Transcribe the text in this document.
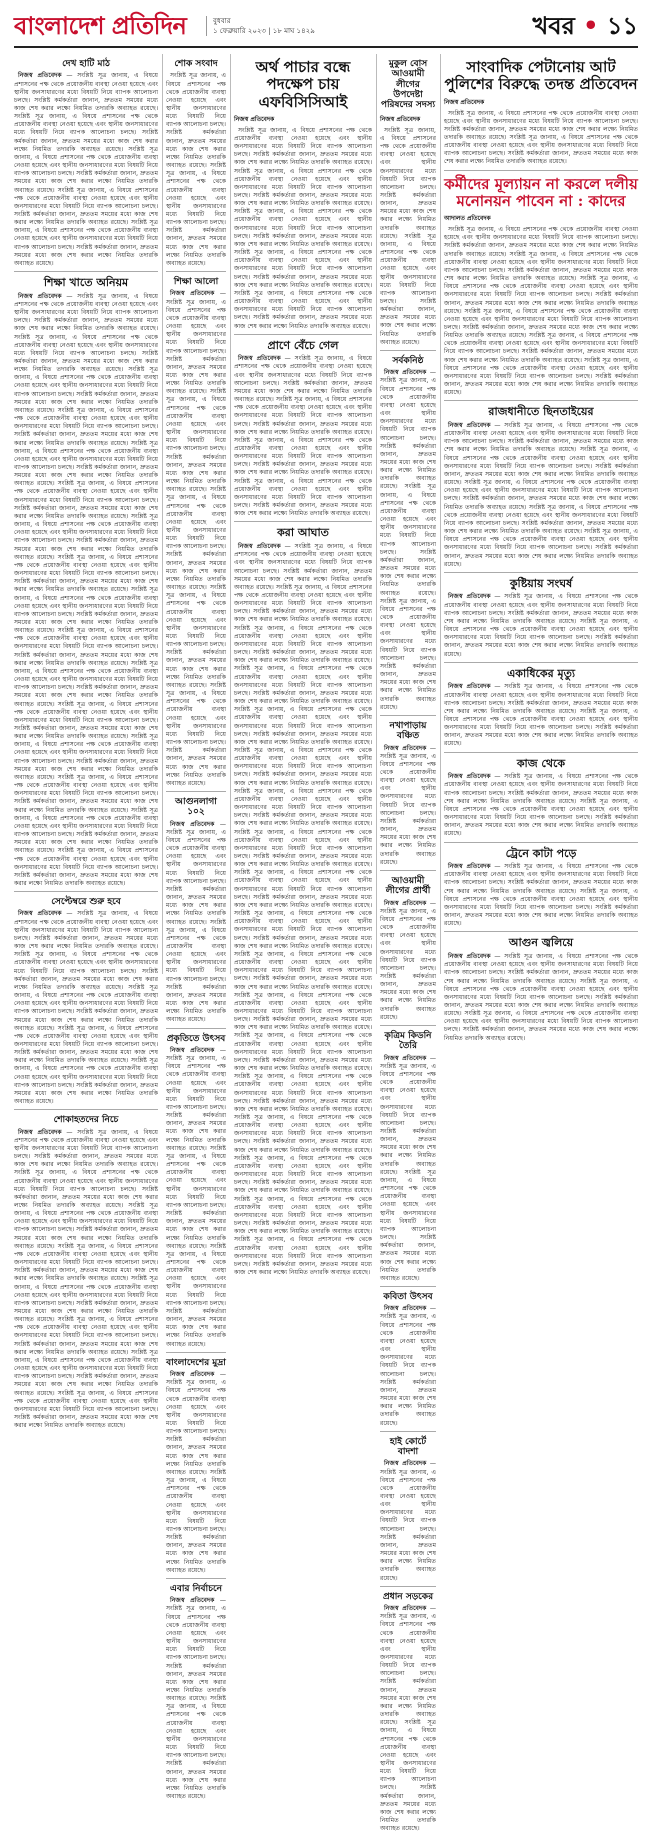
বাংলাদেশ প্রতিদিন	বুধবার
১ ফেব্রুয়ারি ২০২৩ | ১৮ মাঘ ১৪২৯	খবর • ১১
দেখ হাটি মাঠ

নিজস্ব প্রতিবেদক — সংশ্লিষ্ট সূত্র জানায়, এ বিষয়ে প্রশাসনের পক্ষ থেকে প্রয়োজনীয় ব্যবস্থা নেওয়া হয়েছে এবং স্থানীয় জনসাধারণের মধ্যে বিষয়টি নিয়ে ব্যাপক আলোচনা চলছে। সংশ্লিষ্ট কর্মকর্তারা জানান, দ্রুততম সময়ের মধ্যে কাজ শেষ করার লক্ষ্যে নিয়মিত তদারকি অব্যাহত রয়েছে। সংশ্লিষ্ট সূত্র জানায়, এ বিষয়ে প্রশাসনের পক্ষ থেকে প্রয়োজনীয় ব্যবস্থা নেওয়া হয়েছে এবং স্থানীয় জনসাধারণের মধ্যে বিষয়টি নিয়ে ব্যাপক আলোচনা চলছে। সংশ্লিষ্ট কর্মকর্তারা জানান, দ্রুততম সময়ের মধ্যে কাজ শেষ করার লক্ষ্যে নিয়মিত তদারকি অব্যাহত রয়েছে। সংশ্লিষ্ট সূত্র জানায়, এ বিষয়ে প্রশাসনের পক্ষ থেকে প্রয়োজনীয় ব্যবস্থা নেওয়া হয়েছে এবং স্থানীয় জনসাধারণের মধ্যে বিষয়টি নিয়ে ব্যাপক আলোচনা চলছে। সংশ্লিষ্ট কর্মকর্তারা জানান, দ্রুততম সময়ের মধ্যে কাজ শেষ করার লক্ষ্যে নিয়মিত তদারকি অব্যাহত রয়েছে। সংশ্লিষ্ট সূত্র জানায়, এ বিষয়ে প্রশাসনের পক্ষ থেকে প্রয়োজনীয় ব্যবস্থা নেওয়া হয়েছে এবং স্থানীয় জনসাধারণের মধ্যে বিষয়টি নিয়ে ব্যাপক আলোচনা চলছে। সংশ্লিষ্ট কর্মকর্তারা জানান, দ্রুততম সময়ের মধ্যে কাজ শেষ করার লক্ষ্যে নিয়মিত তদারকি অব্যাহত রয়েছে। সংশ্লিষ্ট সূত্র জানায়, এ বিষয়ে প্রশাসনের পক্ষ থেকে প্রয়োজনীয় ব্যবস্থা নেওয়া হয়েছে এবং স্থানীয় জনসাধারণের মধ্যে বিষয়টি নিয়ে ব্যাপক আলোচনা চলছে। সংশ্লিষ্ট কর্মকর্তারা জানান, দ্রুততম সময়ের মধ্যে কাজ শেষ করার লক্ষ্যে নিয়মিত তদারকি অব্যাহত রয়েছে।

শিক্ষা খাতে অনিয়ম

নিজস্ব প্রতিবেদক — সংশ্লিষ্ট সূত্র জানায়, এ বিষয়ে প্রশাসনের পক্ষ থেকে প্রয়োজনীয় ব্যবস্থা নেওয়া হয়েছে এবং স্থানীয় জনসাধারণের মধ্যে বিষয়টি নিয়ে ব্যাপক আলোচনা চলছে। সংশ্লিষ্ট কর্মকর্তারা জানান, দ্রুততম সময়ের মধ্যে কাজ শেষ করার লক্ষ্যে নিয়মিত তদারকি অব্যাহত রয়েছে। সংশ্লিষ্ট সূত্র জানায়, এ বিষয়ে প্রশাসনের পক্ষ থেকে প্রয়োজনীয় ব্যবস্থা নেওয়া হয়েছে এবং স্থানীয় জনসাধারণের মধ্যে বিষয়টি নিয়ে ব্যাপক আলোচনা চলছে। সংশ্লিষ্ট কর্মকর্তারা জানান, দ্রুততম সময়ের মধ্যে কাজ শেষ করার লক্ষ্যে নিয়মিত তদারকি অব্যাহত রয়েছে। সংশ্লিষ্ট সূত্র জানায়, এ বিষয়ে প্রশাসনের পক্ষ থেকে প্রয়োজনীয় ব্যবস্থা নেওয়া হয়েছে এবং স্থানীয় জনসাধারণের মধ্যে বিষয়টি নিয়ে ব্যাপক আলোচনা চলছে। সংশ্লিষ্ট কর্মকর্তারা জানান, দ্রুততম সময়ের মধ্যে কাজ শেষ করার লক্ষ্যে নিয়মিত তদারকি অব্যাহত রয়েছে। সংশ্লিষ্ট সূত্র জানায়, এ বিষয়ে প্রশাসনের পক্ষ থেকে প্রয়োজনীয় ব্যবস্থা নেওয়া হয়েছে এবং স্থানীয় জনসাধারণের মধ্যে বিষয়টি নিয়ে ব্যাপক আলোচনা চলছে। সংশ্লিষ্ট কর্মকর্তারা জানান, দ্রুততম সময়ের মধ্যে কাজ শেষ করার লক্ষ্যে নিয়মিত তদারকি অব্যাহত রয়েছে। সংশ্লিষ্ট সূত্র জানায়, এ বিষয়ে প্রশাসনের পক্ষ থেকে প্রয়োজনীয় ব্যবস্থা নেওয়া হয়েছে এবং স্থানীয় জনসাধারণের মধ্যে বিষয়টি নিয়ে ব্যাপক আলোচনা চলছে। সংশ্লিষ্ট কর্মকর্তারা জানান, দ্রুততম সময়ের মধ্যে কাজ শেষ করার লক্ষ্যে নিয়মিত তদারকি অব্যাহত রয়েছে। সংশ্লিষ্ট সূত্র জানায়, এ বিষয়ে প্রশাসনের পক্ষ থেকে প্রয়োজনীয় ব্যবস্থা নেওয়া হয়েছে এবং স্থানীয় জনসাধারণের মধ্যে বিষয়টি নিয়ে ব্যাপক আলোচনা চলছে। সংশ্লিষ্ট কর্মকর্তারা জানান, দ্রুততম সময়ের মধ্যে কাজ শেষ করার লক্ষ্যে নিয়মিত তদারকি অব্যাহত রয়েছে। সংশ্লিষ্ট সূত্র জানায়, এ বিষয়ে প্রশাসনের পক্ষ থেকে প্রয়োজনীয় ব্যবস্থা নেওয়া হয়েছে এবং স্থানীয় জনসাধারণের মধ্যে বিষয়টি নিয়ে ব্যাপক আলোচনা চলছে। সংশ্লিষ্ট কর্মকর্তারা জানান, দ্রুততম সময়ের মধ্যে কাজ শেষ করার লক্ষ্যে নিয়মিত তদারকি অব্যাহত রয়েছে। সংশ্লিষ্ট সূত্র জানায়, এ বিষয়ে প্রশাসনের পক্ষ থেকে প্রয়োজনীয় ব্যবস্থা নেওয়া হয়েছে এবং স্থানীয় জনসাধারণের মধ্যে বিষয়টি নিয়ে ব্যাপক আলোচনা চলছে। সংশ্লিষ্ট কর্মকর্তারা জানান, দ্রুততম সময়ের মধ্যে কাজ শেষ করার লক্ষ্যে নিয়মিত তদারকি অব্যাহত রয়েছে। সংশ্লিষ্ট সূত্র জানায়, এ বিষয়ে প্রশাসনের পক্ষ থেকে প্রয়োজনীয় ব্যবস্থা নেওয়া হয়েছে এবং স্থানীয় জনসাধারণের মধ্যে বিষয়টি নিয়ে ব্যাপক আলোচনা চলছে। সংশ্লিষ্ট কর্মকর্তারা জানান, দ্রুততম সময়ের মধ্যে কাজ শেষ করার লক্ষ্যে নিয়মিত তদারকি অব্যাহত রয়েছে। সংশ্লিষ্ট সূত্র জানায়, এ বিষয়ে প্রশাসনের পক্ষ থেকে প্রয়োজনীয় ব্যবস্থা নেওয়া হয়েছে এবং স্থানীয় জনসাধারণের মধ্যে বিষয়টি নিয়ে ব্যাপক আলোচনা চলছে। সংশ্লিষ্ট কর্মকর্তারা জানান, দ্রুততম সময়ের মধ্যে কাজ শেষ করার লক্ষ্যে নিয়মিত তদারকি অব্যাহত রয়েছে। সংশ্লিষ্ট সূত্র জানায়, এ বিষয়ে প্রশাসনের পক্ষ থেকে প্রয়োজনীয় ব্যবস্থা নেওয়া হয়েছে এবং স্থানীয় জনসাধারণের মধ্যে বিষয়টি নিয়ে ব্যাপক আলোচনা চলছে। সংশ্লিষ্ট কর্মকর্তারা জানান, দ্রুততম সময়ের মধ্যে কাজ শেষ করার লক্ষ্যে নিয়মিত তদারকি অব্যাহত রয়েছে। সংশ্লিষ্ট সূত্র জানায়, এ বিষয়ে প্রশাসনের পক্ষ থেকে প্রয়োজনীয় ব্যবস্থা নেওয়া হয়েছে এবং স্থানীয় জনসাধারণের মধ্যে বিষয়টি নিয়ে ব্যাপক আলোচনা চলছে। সংশ্লিষ্ট কর্মকর্তারা জানান, দ্রুততম সময়ের মধ্যে কাজ শেষ করার লক্ষ্যে নিয়মিত তদারকি অব্যাহত রয়েছে। সংশ্লিষ্ট সূত্র জানায়, এ বিষয়ে প্রশাসনের পক্ষ থেকে প্রয়োজনীয় ব্যবস্থা নেওয়া হয়েছে এবং স্থানীয় জনসাধারণের মধ্যে বিষয়টি নিয়ে ব্যাপক আলোচনা চলছে। সংশ্লিষ্ট কর্মকর্তারা জানান, দ্রুততম সময়ের মধ্যে কাজ শেষ করার লক্ষ্যে নিয়মিত তদারকি অব্যাহত রয়েছে। সংশ্লিষ্ট সূত্র জানায়, এ বিষয়ে প্রশাসনের পক্ষ থেকে প্রয়োজনীয় ব্যবস্থা নেওয়া হয়েছে এবং স্থানীয় জনসাধারণের মধ্যে বিষয়টি নিয়ে ব্যাপক আলোচনা চলছে। সংশ্লিষ্ট কর্মকর্তারা জানান, দ্রুততম সময়ের মধ্যে কাজ শেষ করার লক্ষ্যে নিয়মিত তদারকি অব্যাহত রয়েছে। সংশ্লিষ্ট সূত্র জানায়, এ বিষয়ে প্রশাসনের পক্ষ থেকে প্রয়োজনীয় ব্যবস্থা নেওয়া হয়েছে এবং স্থানীয় জনসাধারণের মধ্যে বিষয়টি নিয়ে ব্যাপক আলোচনা চলছে। সংশ্লিষ্ট কর্মকর্তারা জানান, দ্রুততম সময়ের মধ্যে কাজ শেষ করার লক্ষ্যে নিয়মিত তদারকি অব্যাহত রয়েছে। সংশ্লিষ্ট সূত্র জানায়, এ বিষয়ে প্রশাসনের পক্ষ থেকে প্রয়োজনীয় ব্যবস্থা নেওয়া হয়েছে এবং স্থানীয় জনসাধারণের মধ্যে বিষয়টি নিয়ে ব্যাপক আলোচনা চলছে। সংশ্লিষ্ট কর্মকর্তারা জানান, দ্রুততম সময়ের মধ্যে কাজ শেষ করার লক্ষ্যে নিয়মিত তদারকি অব্যাহত রয়েছে।

সেপ্টেম্বরে শুরু হবে

নিজস্ব প্রতিবেদক — সংশ্লিষ্ট সূত্র জানায়, এ বিষয়ে প্রশাসনের পক্ষ থেকে প্রয়োজনীয় ব্যবস্থা নেওয়া হয়েছে এবং স্থানীয় জনসাধারণের মধ্যে বিষয়টি নিয়ে ব্যাপক আলোচনা চলছে। সংশ্লিষ্ট কর্মকর্তারা জানান, দ্রুততম সময়ের মধ্যে কাজ শেষ করার লক্ষ্যে নিয়মিত তদারকি অব্যাহত রয়েছে। সংশ্লিষ্ট সূত্র জানায়, এ বিষয়ে প্রশাসনের পক্ষ থেকে প্রয়োজনীয় ব্যবস্থা নেওয়া হয়েছে এবং স্থানীয় জনসাধারণের মধ্যে বিষয়টি নিয়ে ব্যাপক আলোচনা চলছে। সংশ্লিষ্ট কর্মকর্তারা জানান, দ্রুততম সময়ের মধ্যে কাজ শেষ করার লক্ষ্যে নিয়মিত তদারকি অব্যাহত রয়েছে। সংশ্লিষ্ট সূত্র জানায়, এ বিষয়ে প্রশাসনের পক্ষ থেকে প্রয়োজনীয় ব্যবস্থা নেওয়া হয়েছে এবং স্থানীয় জনসাধারণের মধ্যে বিষয়টি নিয়ে ব্যাপক আলোচনা চলছে। সংশ্লিষ্ট কর্মকর্তারা জানান, দ্রুততম সময়ের মধ্যে কাজ শেষ করার লক্ষ্যে নিয়মিত তদারকি অব্যাহত রয়েছে। সংশ্লিষ্ট সূত্র জানায়, এ বিষয়ে প্রশাসনের পক্ষ থেকে প্রয়োজনীয় ব্যবস্থা নেওয়া হয়েছে এবং স্থানীয় জনসাধারণের মধ্যে বিষয়টি নিয়ে ব্যাপক আলোচনা চলছে। সংশ্লিষ্ট কর্মকর্তারা জানান, দ্রুততম সময়ের মধ্যে কাজ শেষ করার লক্ষ্যে নিয়মিত তদারকি অব্যাহত রয়েছে। সংশ্লিষ্ট সূত্র জানায়, এ বিষয়ে প্রশাসনের পক্ষ থেকে প্রয়োজনীয় ব্যবস্থা নেওয়া হয়েছে এবং স্থানীয় জনসাধারণের মধ্যে বিষয়টি নিয়ে ব্যাপক আলোচনা চলছে। সংশ্লিষ্ট কর্মকর্তারা জানান, দ্রুততম সময়ের মধ্যে কাজ শেষ করার লক্ষ্যে নিয়মিত তদারকি অব্যাহত রয়েছে।

শোকাহতদের নিচে

নিজস্ব প্রতিবেদক — সংশ্লিষ্ট সূত্র জানায়, এ বিষয়ে প্রশাসনের পক্ষ থেকে প্রয়োজনীয় ব্যবস্থা নেওয়া হয়েছে এবং স্থানীয় জনসাধারণের মধ্যে বিষয়টি নিয়ে ব্যাপক আলোচনা চলছে। সংশ্লিষ্ট কর্মকর্তারা জানান, দ্রুততম সময়ের মধ্যে কাজ শেষ করার লক্ষ্যে নিয়মিত তদারকি অব্যাহত রয়েছে। সংশ্লিষ্ট সূত্র জানায়, এ বিষয়ে প্রশাসনের পক্ষ থেকে প্রয়োজনীয় ব্যবস্থা নেওয়া হয়েছে এবং স্থানীয় জনসাধারণের মধ্যে বিষয়টি নিয়ে ব্যাপক আলোচনা চলছে। সংশ্লিষ্ট কর্মকর্তারা জানান, দ্রুততম সময়ের মধ্যে কাজ শেষ করার লক্ষ্যে নিয়মিত তদারকি অব্যাহত রয়েছে। সংশ্লিষ্ট সূত্র জানায়, এ বিষয়ে প্রশাসনের পক্ষ থেকে প্রয়োজনীয় ব্যবস্থা নেওয়া হয়েছে এবং স্থানীয় জনসাধারণের মধ্যে বিষয়টি নিয়ে ব্যাপক আলোচনা চলছে। সংশ্লিষ্ট কর্মকর্তারা জানান, দ্রুততম সময়ের মধ্যে কাজ শেষ করার লক্ষ্যে নিয়মিত তদারকি অব্যাহত রয়েছে। সংশ্লিষ্ট সূত্র জানায়, এ বিষয়ে প্রশাসনের পক্ষ থেকে প্রয়োজনীয় ব্যবস্থা নেওয়া হয়েছে এবং স্থানীয় জনসাধারণের মধ্যে বিষয়টি নিয়ে ব্যাপক আলোচনা চলছে। সংশ্লিষ্ট কর্মকর্তারা জানান, দ্রুততম সময়ের মধ্যে কাজ শেষ করার লক্ষ্যে নিয়মিত তদারকি অব্যাহত রয়েছে। সংশ্লিষ্ট সূত্র জানায়, এ বিষয়ে প্রশাসনের পক্ষ থেকে প্রয়োজনীয় ব্যবস্থা নেওয়া হয়েছে এবং স্থানীয় জনসাধারণের মধ্যে বিষয়টি নিয়ে ব্যাপক আলোচনা চলছে। সংশ্লিষ্ট কর্মকর্তারা জানান, দ্রুততম সময়ের মধ্যে কাজ শেষ করার লক্ষ্যে নিয়মিত তদারকি অব্যাহত রয়েছে। সংশ্লিষ্ট সূত্র জানায়, এ বিষয়ে প্রশাসনের পক্ষ থেকে প্রয়োজনীয় ব্যবস্থা নেওয়া হয়েছে এবং স্থানীয় জনসাধারণের মধ্যে বিষয়টি নিয়ে ব্যাপক আলোচনা চলছে। সংশ্লিষ্ট কর্মকর্তারা জানান, দ্রুততম সময়ের মধ্যে কাজ শেষ করার লক্ষ্যে নিয়মিত তদারকি অব্যাহত রয়েছে। সংশ্লিষ্ট সূত্র জানায়, এ বিষয়ে প্রশাসনের পক্ষ থেকে প্রয়োজনীয় ব্যবস্থা নেওয়া হয়েছে এবং স্থানীয় জনসাধারণের মধ্যে বিষয়টি নিয়ে ব্যাপক আলোচনা চলছে। সংশ্লিষ্ট কর্মকর্তারা জানান, দ্রুততম সময়ের মধ্যে কাজ শেষ করার লক্ষ্যে নিয়মিত তদারকি অব্যাহত রয়েছে। সংশ্লিষ্ট সূত্র জানায়, এ বিষয়ে প্রশাসনের পক্ষ থেকে প্রয়োজনীয় ব্যবস্থা নেওয়া হয়েছে এবং স্থানীয় জনসাধারণের মধ্যে বিষয়টি নিয়ে ব্যাপক আলোচনা চলছে। সংশ্লিষ্ট কর্মকর্তারা জানান, দ্রুততম সময়ের মধ্যে কাজ শেষ করার লক্ষ্যে নিয়মিত তদারকি অব্যাহত রয়েছে।

শোক সংবাদ

সংশ্লিষ্ট সূত্র জানায়, এ বিষয়ে প্রশাসনের পক্ষ থেকে প্রয়োজনীয় ব্যবস্থা নেওয়া হয়েছে এবং স্থানীয় জনসাধারণের মধ্যে বিষয়টি নিয়ে ব্যাপক আলোচনা চলছে। সংশ্লিষ্ট কর্মকর্তারা জানান, দ্রুততম সময়ের মধ্যে কাজ শেষ করার লক্ষ্যে নিয়মিত তদারকি অব্যাহত রয়েছে। সংশ্লিষ্ট সূত্র জানায়, এ বিষয়ে প্রশাসনের পক্ষ থেকে প্রয়োজনীয় ব্যবস্থা নেওয়া হয়েছে এবং স্থানীয় জনসাধারণের মধ্যে বিষয়টি নিয়ে ব্যাপক আলোচনা চলছে। সংশ্লিষ্ট কর্মকর্তারা জানান, দ্রুততম সময়ের মধ্যে কাজ শেষ করার লক্ষ্যে নিয়মিত তদারকি অব্যাহত রয়েছে।

শিক্ষা আলো

নিজস্ব প্রতিবেদক — সংশ্লিষ্ট সূত্র জানায়, এ বিষয়ে প্রশাসনের পক্ষ থেকে প্রয়োজনীয় ব্যবস্থা নেওয়া হয়েছে এবং স্থানীয় জনসাধারণের মধ্যে বিষয়টি নিয়ে ব্যাপক আলোচনা চলছে। সংশ্লিষ্ট কর্মকর্তারা জানান, দ্রুততম সময়ের মধ্যে কাজ শেষ করার লক্ষ্যে নিয়মিত তদারকি অব্যাহত রয়েছে। সংশ্লিষ্ট সূত্র জানায়, এ বিষয়ে প্রশাসনের পক্ষ থেকে প্রয়োজনীয় ব্যবস্থা নেওয়া হয়েছে এবং স্থানীয় জনসাধারণের মধ্যে বিষয়টি নিয়ে ব্যাপক আলোচনা চলছে। সংশ্লিষ্ট কর্মকর্তারা জানান, দ্রুততম সময়ের মধ্যে কাজ শেষ করার লক্ষ্যে নিয়মিত তদারকি অব্যাহত রয়েছে। সংশ্লিষ্ট সূত্র জানায়, এ বিষয়ে প্রশাসনের পক্ষ থেকে প্রয়োজনীয় ব্যবস্থা নেওয়া হয়েছে এবং স্থানীয় জনসাধারণের মধ্যে বিষয়টি নিয়ে ব্যাপক আলোচনা চলছে। সংশ্লিষ্ট কর্মকর্তারা জানান, দ্রুততম সময়ের মধ্যে কাজ শেষ করার লক্ষ্যে নিয়মিত তদারকি অব্যাহত রয়েছে। সংশ্লিষ্ট সূত্র জানায়, এ বিষয়ে প্রশাসনের পক্ষ থেকে প্রয়োজনীয় ব্যবস্থা নেওয়া হয়েছে এবং স্থানীয় জনসাধারণের মধ্যে বিষয়টি নিয়ে ব্যাপক আলোচনা চলছে। সংশ্লিষ্ট কর্মকর্তারা জানান, দ্রুততম সময়ের মধ্যে কাজ শেষ করার লক্ষ্যে নিয়মিত তদারকি অব্যাহত রয়েছে। সংশ্লিষ্ট সূত্র জানায়, এ বিষয়ে প্রশাসনের পক্ষ থেকে প্রয়োজনীয় ব্যবস্থা নেওয়া হয়েছে এবং স্থানীয় জনসাধারণের মধ্যে বিষয়টি নিয়ে ব্যাপক আলোচনা চলছে। সংশ্লিষ্ট কর্মকর্তারা জানান, দ্রুততম সময়ের মধ্যে কাজ শেষ করার লক্ষ্যে নিয়মিত তদারকি অব্যাহত রয়েছে।

আগুনলাগা ১০২

নিজস্ব প্রতিবেদক — সংশ্লিষ্ট সূত্র জানায়, এ বিষয়ে প্রশাসনের পক্ষ থেকে প্রয়োজনীয় ব্যবস্থা নেওয়া হয়েছে এবং স্থানীয় জনসাধারণের মধ্যে বিষয়টি নিয়ে ব্যাপক আলোচনা চলছে। সংশ্লিষ্ট কর্মকর্তারা জানান, দ্রুততম সময়ের মধ্যে কাজ শেষ করার লক্ষ্যে নিয়মিত তদারকি অব্যাহত রয়েছে। সংশ্লিষ্ট সূত্র জানায়, এ বিষয়ে প্রশাসনের পক্ষ থেকে প্রয়োজনীয় ব্যবস্থা নেওয়া হয়েছে এবং স্থানীয় জনসাধারণের মধ্যে বিষয়টি নিয়ে ব্যাপক আলোচনা চলছে। সংশ্লিষ্ট কর্মকর্তারা জানান, দ্রুততম সময়ের মধ্যে কাজ শেষ করার লক্ষ্যে নিয়মিত তদারকি অব্যাহত রয়েছে।

প্রকৃতিতে উৎসব

নিজস্ব প্রতিবেদক — সংশ্লিষ্ট সূত্র জানায়, এ বিষয়ে প্রশাসনের পক্ষ থেকে প্রয়োজনীয় ব্যবস্থা নেওয়া হয়েছে এবং স্থানীয় জনসাধারণের মধ্যে বিষয়টি নিয়ে ব্যাপক আলোচনা চলছে। সংশ্লিষ্ট কর্মকর্তারা জানান, দ্রুততম সময়ের মধ্যে কাজ শেষ করার লক্ষ্যে নিয়মিত তদারকি অব্যাহত রয়েছে। সংশ্লিষ্ট সূত্র জানায়, এ বিষয়ে প্রশাসনের পক্ষ থেকে প্রয়োজনীয় ব্যবস্থা নেওয়া হয়েছে এবং স্থানীয় জনসাধারণের মধ্যে বিষয়টি নিয়ে ব্যাপক আলোচনা চলছে। সংশ্লিষ্ট কর্মকর্তারা জানান, দ্রুততম সময়ের মধ্যে কাজ শেষ করার লক্ষ্যে নিয়মিত তদারকি অব্যাহত রয়েছে। সংশ্লিষ্ট সূত্র জানায়, এ বিষয়ে প্রশাসনের পক্ষ থেকে প্রয়োজনীয় ব্যবস্থা নেওয়া হয়েছে এবং স্থানীয় জনসাধারণের মধ্যে বিষয়টি নিয়ে ব্যাপক আলোচনা চলছে। সংশ্লিষ্ট কর্মকর্তারা জানান, দ্রুততম সময়ের মধ্যে কাজ শেষ করার লক্ষ্যে নিয়মিত তদারকি অব্যাহত রয়েছে।

বাংলাদেশের মুদ্রা

নিজস্ব প্রতিবেদক — সংশ্লিষ্ট সূত্র জানায়, এ বিষয়ে প্রশাসনের পক্ষ থেকে প্রয়োজনীয় ব্যবস্থা নেওয়া হয়েছে এবং স্থানীয় জনসাধারণের মধ্যে বিষয়টি নিয়ে ব্যাপক আলোচনা চলছে। সংশ্লিষ্ট কর্মকর্তারা জানান, দ্রুততম সময়ের মধ্যে কাজ শেষ করার লক্ষ্যে নিয়মিত তদারকি অব্যাহত রয়েছে। সংশ্লিষ্ট সূত্র জানায়, এ বিষয়ে প্রশাসনের পক্ষ থেকে প্রয়োজনীয় ব্যবস্থা নেওয়া হয়েছে এবং স্থানীয় জনসাধারণের মধ্যে বিষয়টি নিয়ে ব্যাপক আলোচনা চলছে। সংশ্লিষ্ট কর্মকর্তারা জানান, দ্রুততম সময়ের মধ্যে কাজ শেষ করার লক্ষ্যে নিয়মিত তদারকি অব্যাহত রয়েছে।

এবার নির্বাচনে

নিজস্ব প্রতিবেদক — সংশ্লিষ্ট সূত্র জানায়, এ বিষয়ে প্রশাসনের পক্ষ থেকে প্রয়োজনীয় ব্যবস্থা নেওয়া হয়েছে এবং স্থানীয় জনসাধারণের মধ্যে বিষয়টি নিয়ে ব্যাপক আলোচনা চলছে। সংশ্লিষ্ট কর্মকর্তারা জানান, দ্রুততম সময়ের মধ্যে কাজ শেষ করার লক্ষ্যে নিয়মিত তদারকি অব্যাহত রয়েছে। সংশ্লিষ্ট সূত্র জানায়, এ বিষয়ে প্রশাসনের পক্ষ থেকে প্রয়োজনীয় ব্যবস্থা নেওয়া হয়েছে এবং স্থানীয় জনসাধারণের মধ্যে বিষয়টি নিয়ে ব্যাপক আলোচনা চলছে। সংশ্লিষ্ট কর্মকর্তারা জানান, দ্রুততম সময়ের মধ্যে কাজ শেষ করার লক্ষ্যে নিয়মিত তদারকি অব্যাহত রয়েছে।

অর্থ পাচার বন্ধে পদক্ষেপ চায় এফবিসিসিআই
নিজস্ব প্রতিবেদক

সংশ্লিষ্ট সূত্র জানায়, এ বিষয়ে প্রশাসনের পক্ষ থেকে প্রয়োজনীয় ব্যবস্থা নেওয়া হয়েছে এবং স্থানীয় জনসাধারণের মধ্যে বিষয়টি নিয়ে ব্যাপক আলোচনা চলছে। সংশ্লিষ্ট কর্মকর্তারা জানান, দ্রুততম সময়ের মধ্যে কাজ শেষ করার লক্ষ্যে নিয়মিত তদারকি অব্যাহত রয়েছে। সংশ্লিষ্ট সূত্র জানায়, এ বিষয়ে প্রশাসনের পক্ষ থেকে প্রয়োজনীয় ব্যবস্থা নেওয়া হয়েছে এবং স্থানীয় জনসাধারণের মধ্যে বিষয়টি নিয়ে ব্যাপক আলোচনা চলছে। সংশ্লিষ্ট কর্মকর্তারা জানান, দ্রুততম সময়ের মধ্যে কাজ শেষ করার লক্ষ্যে নিয়মিত তদারকি অব্যাহত রয়েছে। সংশ্লিষ্ট সূত্র জানায়, এ বিষয়ে প্রশাসনের পক্ষ থেকে প্রয়োজনীয় ব্যবস্থা নেওয়া হয়েছে এবং স্থানীয় জনসাধারণের মধ্যে বিষয়টি নিয়ে ব্যাপক আলোচনা চলছে। সংশ্লিষ্ট কর্মকর্তারা জানান, দ্রুততম সময়ের মধ্যে কাজ শেষ করার লক্ষ্যে নিয়মিত তদারকি অব্যাহত রয়েছে। সংশ্লিষ্ট সূত্র জানায়, এ বিষয়ে প্রশাসনের পক্ষ থেকে প্রয়োজনীয় ব্যবস্থা নেওয়া হয়েছে এবং স্থানীয় জনসাধারণের মধ্যে বিষয়টি নিয়ে ব্যাপক আলোচনা চলছে। সংশ্লিষ্ট কর্মকর্তারা জানান, দ্রুততম সময়ের মধ্যে কাজ শেষ করার লক্ষ্যে নিয়মিত তদারকি অব্যাহত রয়েছে। সংশ্লিষ্ট সূত্র জানায়, এ বিষয়ে প্রশাসনের পক্ষ থেকে প্রয়োজনীয় ব্যবস্থা নেওয়া হয়েছে এবং স্থানীয় জনসাধারণের মধ্যে বিষয়টি নিয়ে ব্যাপক আলোচনা চলছে। সংশ্লিষ্ট কর্মকর্তারা জানান, দ্রুততম সময়ের মধ্যে কাজ শেষ করার লক্ষ্যে নিয়মিত তদারকি অব্যাহত রয়েছে।

প্রাণে বেঁচে গেল

নিজস্ব প্রতিবেদক — সংশ্লিষ্ট সূত্র জানায়, এ বিষয়ে প্রশাসনের পক্ষ থেকে প্রয়োজনীয় ব্যবস্থা নেওয়া হয়েছে এবং স্থানীয় জনসাধারণের মধ্যে বিষয়টি নিয়ে ব্যাপক আলোচনা চলছে। সংশ্লিষ্ট কর্মকর্তারা জানান, দ্রুততম সময়ের মধ্যে কাজ শেষ করার লক্ষ্যে নিয়মিত তদারকি অব্যাহত রয়েছে। সংশ্লিষ্ট সূত্র জানায়, এ বিষয়ে প্রশাসনের পক্ষ থেকে প্রয়োজনীয় ব্যবস্থা নেওয়া হয়েছে এবং স্থানীয় জনসাধারণের মধ্যে বিষয়টি নিয়ে ব্যাপক আলোচনা চলছে। সংশ্লিষ্ট কর্মকর্তারা জানান, দ্রুততম সময়ের মধ্যে কাজ শেষ করার লক্ষ্যে নিয়মিত তদারকি অব্যাহত রয়েছে। সংশ্লিষ্ট সূত্র জানায়, এ বিষয়ে প্রশাসনের পক্ষ থেকে প্রয়োজনীয় ব্যবস্থা নেওয়া হয়েছে এবং স্থানীয় জনসাধারণের মধ্যে বিষয়টি নিয়ে ব্যাপক আলোচনা চলছে। সংশ্লিষ্ট কর্মকর্তারা জানান, দ্রুততম সময়ের মধ্যে কাজ শেষ করার লক্ষ্যে নিয়মিত তদারকি অব্যাহত রয়েছে। সংশ্লিষ্ট সূত্র জানায়, এ বিষয়ে প্রশাসনের পক্ষ থেকে প্রয়োজনীয় ব্যবস্থা নেওয়া হয়েছে এবং স্থানীয় জনসাধারণের মধ্যে বিষয়টি নিয়ে ব্যাপক আলোচনা চলছে। সংশ্লিষ্ট কর্মকর্তারা জানান, দ্রুততম সময়ের মধ্যে কাজ শেষ করার লক্ষ্যে নিয়মিত তদারকি অব্যাহত রয়েছে।

করা আঘাত

নিজস্ব প্রতিবেদক — সংশ্লিষ্ট সূত্র জানায়, এ বিষয়ে প্রশাসনের পক্ষ থেকে প্রয়োজনীয় ব্যবস্থা নেওয়া হয়েছে এবং স্থানীয় জনসাধারণের মধ্যে বিষয়টি নিয়ে ব্যাপক আলোচনা চলছে। সংশ্লিষ্ট কর্মকর্তারা জানান, দ্রুততম সময়ের মধ্যে কাজ শেষ করার লক্ষ্যে নিয়মিত তদারকি অব্যাহত রয়েছে। সংশ্লিষ্ট সূত্র জানায়, এ বিষয়ে প্রশাসনের পক্ষ থেকে প্রয়োজনীয় ব্যবস্থা নেওয়া হয়েছে এবং স্থানীয় জনসাধারণের মধ্যে বিষয়টি নিয়ে ব্যাপক আলোচনা চলছে। সংশ্লিষ্ট কর্মকর্তারা জানান, দ্রুততম সময়ের মধ্যে কাজ শেষ করার লক্ষ্যে নিয়মিত তদারকি অব্যাহত রয়েছে। সংশ্লিষ্ট সূত্র জানায়, এ বিষয়ে প্রশাসনের পক্ষ থেকে প্রয়োজনীয় ব্যবস্থা নেওয়া হয়েছে এবং স্থানীয় জনসাধারণের মধ্যে বিষয়টি নিয়ে ব্যাপক আলোচনা চলছে। সংশ্লিষ্ট কর্মকর্তারা জানান, দ্রুততম সময়ের মধ্যে কাজ শেষ করার লক্ষ্যে নিয়মিত তদারকি অব্যাহত রয়েছে। সংশ্লিষ্ট সূত্র জানায়, এ বিষয়ে প্রশাসনের পক্ষ থেকে প্রয়োজনীয় ব্যবস্থা নেওয়া হয়েছে এবং স্থানীয় জনসাধারণের মধ্যে বিষয়টি নিয়ে ব্যাপক আলোচনা চলছে। সংশ্লিষ্ট কর্মকর্তারা জানান, দ্রুততম সময়ের মধ্যে কাজ শেষ করার লক্ষ্যে নিয়মিত তদারকি অব্যাহত রয়েছে। সংশ্লিষ্ট সূত্র জানায়, এ বিষয়ে প্রশাসনের পক্ষ থেকে প্রয়োজনীয় ব্যবস্থা নেওয়া হয়েছে এবং স্থানীয় জনসাধারণের মধ্যে বিষয়টি নিয়ে ব্যাপক আলোচনা চলছে। সংশ্লিষ্ট কর্মকর্তারা জানান, দ্রুততম সময়ের মধ্যে কাজ শেষ করার লক্ষ্যে নিয়মিত তদারকি অব্যাহত রয়েছে। সংশ্লিষ্ট সূত্র জানায়, এ বিষয়ে প্রশাসনের পক্ষ থেকে প্রয়োজনীয় ব্যবস্থা নেওয়া হয়েছে এবং স্থানীয় জনসাধারণের মধ্যে বিষয়টি নিয়ে ব্যাপক আলোচনা চলছে। সংশ্লিষ্ট কর্মকর্তারা জানান, দ্রুততম সময়ের মধ্যে কাজ শেষ করার লক্ষ্যে নিয়মিত তদারকি অব্যাহত রয়েছে। সংশ্লিষ্ট সূত্র জানায়, এ বিষয়ে প্রশাসনের পক্ষ থেকে প্রয়োজনীয় ব্যবস্থা নেওয়া হয়েছে এবং স্থানীয় জনসাধারণের মধ্যে বিষয়টি নিয়ে ব্যাপক আলোচনা চলছে। সংশ্লিষ্ট কর্মকর্তারা জানান, দ্রুততম সময়ের মধ্যে কাজ শেষ করার লক্ষ্যে নিয়মিত তদারকি অব্যাহত রয়েছে। সংশ্লিষ্ট সূত্র জানায়, এ বিষয়ে প্রশাসনের পক্ষ থেকে প্রয়োজনীয় ব্যবস্থা নেওয়া হয়েছে এবং স্থানীয় জনসাধারণের মধ্যে বিষয়টি নিয়ে ব্যাপক আলোচনা চলছে। সংশ্লিষ্ট কর্মকর্তারা জানান, দ্রুততম সময়ের মধ্যে কাজ শেষ করার লক্ষ্যে নিয়মিত তদারকি অব্যাহত রয়েছে। সংশ্লিষ্ট সূত্র জানায়, এ বিষয়ে প্রশাসনের পক্ষ থেকে প্রয়োজনীয় ব্যবস্থা নেওয়া হয়েছে এবং স্থানীয় জনসাধারণের মধ্যে বিষয়টি নিয়ে ব্যাপক আলোচনা চলছে। সংশ্লিষ্ট কর্মকর্তারা জানান, দ্রুততম সময়ের মধ্যে কাজ শেষ করার লক্ষ্যে নিয়মিত তদারকি অব্যাহত রয়েছে। সংশ্লিষ্ট সূত্র জানায়, এ বিষয়ে প্রশাসনের পক্ষ থেকে প্রয়োজনীয় ব্যবস্থা নেওয়া হয়েছে এবং স্থানীয় জনসাধারণের মধ্যে বিষয়টি নিয়ে ব্যাপক আলোচনা চলছে। সংশ্লিষ্ট কর্মকর্তারা জানান, দ্রুততম সময়ের মধ্যে কাজ শেষ করার লক্ষ্যে নিয়মিত তদারকি অব্যাহত রয়েছে। সংশ্লিষ্ট সূত্র জানায়, এ বিষয়ে প্রশাসনের পক্ষ থেকে প্রয়োজনীয় ব্যবস্থা নেওয়া হয়েছে এবং স্থানীয় জনসাধারণের মধ্যে বিষয়টি নিয়ে ব্যাপক আলোচনা চলছে। সংশ্লিষ্ট কর্মকর্তারা জানান, দ্রুততম সময়ের মধ্যে কাজ শেষ করার লক্ষ্যে নিয়মিত তদারকি অব্যাহত রয়েছে। সংশ্লিষ্ট সূত্র জানায়, এ বিষয়ে প্রশাসনের পক্ষ থেকে প্রয়োজনীয় ব্যবস্থা নেওয়া হয়েছে এবং স্থানীয় জনসাধারণের মধ্যে বিষয়টি নিয়ে ব্যাপক আলোচনা চলছে। সংশ্লিষ্ট কর্মকর্তারা জানান, দ্রুততম সময়ের মধ্যে কাজ শেষ করার লক্ষ্যে নিয়মিত তদারকি অব্যাহত রয়েছে। সংশ্লিষ্ট সূত্র জানায়, এ বিষয়ে প্রশাসনের পক্ষ থেকে প্রয়োজনীয় ব্যবস্থা নেওয়া হয়েছে এবং স্থানীয় জনসাধারণের মধ্যে বিষয়টি নিয়ে ব্যাপক আলোচনা চলছে। সংশ্লিষ্ট কর্মকর্তারা জানান, দ্রুততম সময়ের মধ্যে কাজ শেষ করার লক্ষ্যে নিয়মিত তদারকি অব্যাহত রয়েছে। সংশ্লিষ্ট সূত্র জানায়, এ বিষয়ে প্রশাসনের পক্ষ থেকে প্রয়োজনীয় ব্যবস্থা নেওয়া হয়েছে এবং স্থানীয় জনসাধারণের মধ্যে বিষয়টি নিয়ে ব্যাপক আলোচনা চলছে। সংশ্লিষ্ট কর্মকর্তারা জানান, দ্রুততম সময়ের মধ্যে কাজ শেষ করার লক্ষ্যে নিয়মিত তদারকি অব্যাহত রয়েছে। সংশ্লিষ্ট সূত্র জানায়, এ বিষয়ে প্রশাসনের পক্ষ থেকে প্রয়োজনীয় ব্যবস্থা নেওয়া হয়েছে এবং স্থানীয় জনসাধারণের মধ্যে বিষয়টি নিয়ে ব্যাপক আলোচনা চলছে। সংশ্লিষ্ট কর্মকর্তারা জানান, দ্রুততম সময়ের মধ্যে কাজ শেষ করার লক্ষ্যে নিয়মিত তদারকি অব্যাহত রয়েছে। সংশ্লিষ্ট সূত্র জানায়, এ বিষয়ে প্রশাসনের পক্ষ থেকে প্রয়োজনীয় ব্যবস্থা নেওয়া হয়েছে এবং স্থানীয় জনসাধারণের মধ্যে বিষয়টি নিয়ে ব্যাপক আলোচনা চলছে। সংশ্লিষ্ট কর্মকর্তারা জানান, দ্রুততম সময়ের মধ্যে কাজ শেষ করার লক্ষ্যে নিয়মিত তদারকি অব্যাহত রয়েছে। সংশ্লিষ্ট সূত্র জানায়, এ বিষয়ে প্রশাসনের পক্ষ থেকে প্রয়োজনীয় ব্যবস্থা নেওয়া হয়েছে এবং স্থানীয় জনসাধারণের মধ্যে বিষয়টি নিয়ে ব্যাপক আলোচনা চলছে। সংশ্লিষ্ট কর্মকর্তারা জানান, দ্রুততম সময়ের মধ্যে কাজ শেষ করার লক্ষ্যে নিয়মিত তদারকি অব্যাহত রয়েছে। সংশ্লিষ্ট সূত্র জানায়, এ বিষয়ে প্রশাসনের পক্ষ থেকে প্রয়োজনীয় ব্যবস্থা নেওয়া হয়েছে এবং স্থানীয় জনসাধারণের মধ্যে বিষয়টি নিয়ে ব্যাপক আলোচনা চলছে। সংশ্লিষ্ট কর্মকর্তারা জানান, দ্রুততম সময়ের মধ্যে কাজ শেষ করার লক্ষ্যে নিয়মিত তদারকি অব্যাহত রয়েছে।

মুকুল বোস আওয়ামী লীগের উপদেষ্টা পরিষদের সদস্য
নিজস্ব প্রতিবেদক

সংশ্লিষ্ট সূত্র জানায়, এ বিষয়ে প্রশাসনের পক্ষ থেকে প্রয়োজনীয় ব্যবস্থা নেওয়া হয়েছে এবং স্থানীয় জনসাধারণের মধ্যে বিষয়টি নিয়ে ব্যাপক আলোচনা চলছে। সংশ্লিষ্ট কর্মকর্তারা জানান, দ্রুততম সময়ের মধ্যে কাজ শেষ করার লক্ষ্যে নিয়মিত তদারকি অব্যাহত রয়েছে। সংশ্লিষ্ট সূত্র জানায়, এ বিষয়ে প্রশাসনের পক্ষ থেকে প্রয়োজনীয় ব্যবস্থা নেওয়া হয়েছে এবং স্থানীয় জনসাধারণের মধ্যে বিষয়টি নিয়ে ব্যাপক আলোচনা চলছে। সংশ্লিষ্ট কর্মকর্তারা জানান, দ্রুততম সময়ের মধ্যে কাজ শেষ করার লক্ষ্যে নিয়মিত তদারকি অব্যাহত রয়েছে।

সর্বকনিষ্ঠ

নিজস্ব প্রতিবেদক — সংশ্লিষ্ট সূত্র জানায়, এ বিষয়ে প্রশাসনের পক্ষ থেকে প্রয়োজনীয় ব্যবস্থা নেওয়া হয়েছে এবং স্থানীয় জনসাধারণের মধ্যে বিষয়টি নিয়ে ব্যাপক আলোচনা চলছে। সংশ্লিষ্ট কর্মকর্তারা জানান, দ্রুততম সময়ের মধ্যে কাজ শেষ করার লক্ষ্যে নিয়মিত তদারকি অব্যাহত রয়েছে। সংশ্লিষ্ট সূত্র জানায়, এ বিষয়ে প্রশাসনের পক্ষ থেকে প্রয়োজনীয় ব্যবস্থা নেওয়া হয়েছে এবং স্থানীয় জনসাধারণের মধ্যে বিষয়টি নিয়ে ব্যাপক আলোচনা চলছে। সংশ্লিষ্ট কর্মকর্তারা জানান, দ্রুততম সময়ের মধ্যে কাজ শেষ করার লক্ষ্যে নিয়মিত তদারকি অব্যাহত রয়েছে। সংশ্লিষ্ট সূত্র জানায়, এ বিষয়ে প্রশাসনের পক্ষ থেকে প্রয়োজনীয় ব্যবস্থা নেওয়া হয়েছে এবং স্থানীয় জনসাধারণের মধ্যে বিষয়টি নিয়ে ব্যাপক আলোচনা চলছে। সংশ্লিষ্ট কর্মকর্তারা জানান, দ্রুততম সময়ের মধ্যে কাজ শেষ করার লক্ষ্যে নিয়মিত তদারকি অব্যাহত রয়েছে।

নখাপাড়ায় বঞ্চিত

নিজস্ব প্রতিবেদক — সংশ্লিষ্ট সূত্র জানায়, এ বিষয়ে প্রশাসনের পক্ষ থেকে প্রয়োজনীয় ব্যবস্থা নেওয়া হয়েছে এবং স্থানীয় জনসাধারণের মধ্যে বিষয়টি নিয়ে ব্যাপক আলোচনা চলছে। সংশ্লিষ্ট কর্মকর্তারা জানান, দ্রুততম সময়ের মধ্যে কাজ শেষ করার লক্ষ্যে নিয়মিত তদারকি অব্যাহত রয়েছে।

আওয়ামী লীগের প্রার্থী

নিজস্ব প্রতিবেদক — সংশ্লিষ্ট সূত্র জানায়, এ বিষয়ে প্রশাসনের পক্ষ থেকে প্রয়োজনীয় ব্যবস্থা নেওয়া হয়েছে এবং স্থানীয় জনসাধারণের মধ্যে বিষয়টি নিয়ে ব্যাপক আলোচনা চলছে। সংশ্লিষ্ট কর্মকর্তারা জানান, দ্রুততম সময়ের মধ্যে কাজ শেষ করার লক্ষ্যে নিয়মিত তদারকি অব্যাহত রয়েছে।

কৃত্রিম কিডনি তৈরি

নিজস্ব প্রতিবেদক — সংশ্লিষ্ট সূত্র জানায়, এ বিষয়ে প্রশাসনের পক্ষ থেকে প্রয়োজনীয় ব্যবস্থা নেওয়া হয়েছে এবং স্থানীয় জনসাধারণের মধ্যে বিষয়টি নিয়ে ব্যাপক আলোচনা চলছে। সংশ্লিষ্ট কর্মকর্তারা জানান, দ্রুততম সময়ের মধ্যে কাজ শেষ করার লক্ষ্যে নিয়মিত তদারকি অব্যাহত রয়েছে। সংশ্লিষ্ট সূত্র জানায়, এ বিষয়ে প্রশাসনের পক্ষ থেকে প্রয়োজনীয় ব্যবস্থা নেওয়া হয়েছে এবং স্থানীয় জনসাধারণের মধ্যে বিষয়টি নিয়ে ব্যাপক আলোচনা চলছে। সংশ্লিষ্ট কর্মকর্তারা জানান, দ্রুততম সময়ের মধ্যে কাজ শেষ করার লক্ষ্যে নিয়মিত তদারকি অব্যাহত রয়েছে।

কবিতা উৎসব

নিজস্ব প্রতিবেদক — সংশ্লিষ্ট সূত্র জানায়, এ বিষয়ে প্রশাসনের পক্ষ থেকে প্রয়োজনীয় ব্যবস্থা নেওয়া হয়েছে এবং স্থানীয় জনসাধারণের মধ্যে বিষয়টি নিয়ে ব্যাপক আলোচনা চলছে। সংশ্লিষ্ট কর্মকর্তারা জানান, দ্রুততম সময়ের মধ্যে কাজ শেষ করার লক্ষ্যে নিয়মিত তদারকি অব্যাহত রয়েছে।

হাই কোর্টে বাদশা

নিজস্ব প্রতিবেদক — সংশ্লিষ্ট সূত্র জানায়, এ বিষয়ে প্রশাসনের পক্ষ থেকে প্রয়োজনীয় ব্যবস্থা নেওয়া হয়েছে এবং স্থানীয় জনসাধারণের মধ্যে বিষয়টি নিয়ে ব্যাপক আলোচনা চলছে। সংশ্লিষ্ট কর্মকর্তারা জানান, দ্রুততম সময়ের মধ্যে কাজ শেষ করার লক্ষ্যে নিয়মিত তদারকি অব্যাহত রয়েছে।

প্রধান সড়কের

নিজস্ব প্রতিবেদক — সংশ্লিষ্ট সূত্র জানায়, এ বিষয়ে প্রশাসনের পক্ষ থেকে প্রয়োজনীয় ব্যবস্থা নেওয়া হয়েছে এবং স্থানীয় জনসাধারণের মধ্যে বিষয়টি নিয়ে ব্যাপক আলোচনা চলছে। সংশ্লিষ্ট কর্মকর্তারা জানান, দ্রুততম সময়ের মধ্যে কাজ শেষ করার লক্ষ্যে নিয়মিত তদারকি অব্যাহত রয়েছে। সংশ্লিষ্ট সূত্র জানায়, এ বিষয়ে প্রশাসনের পক্ষ থেকে প্রয়োজনীয় ব্যবস্থা নেওয়া হয়েছে এবং স্থানীয় জনসাধারণের মধ্যে বিষয়টি নিয়ে ব্যাপক আলোচনা চলছে। সংশ্লিষ্ট কর্মকর্তারা জানান, দ্রুততম সময়ের মধ্যে কাজ শেষ করার লক্ষ্যে নিয়মিত তদারকি অব্যাহত রয়েছে।

সাংবাদিক পেটানোয় আট পুলিশের বিরুদ্ধে তদন্ত প্রতিবেদন
নিজস্ব প্রতিবেদক

সংশ্লিষ্ট সূত্র জানায়, এ বিষয়ে প্রশাসনের পক্ষ থেকে প্রয়োজনীয় ব্যবস্থা নেওয়া হয়েছে এবং স্থানীয় জনসাধারণের মধ্যে বিষয়টি নিয়ে ব্যাপক আলোচনা চলছে। সংশ্লিষ্ট কর্মকর্তারা জানান, দ্রুততম সময়ের মধ্যে কাজ শেষ করার লক্ষ্যে নিয়মিত তদারকি অব্যাহত রয়েছে। সংশ্লিষ্ট সূত্র জানায়, এ বিষয়ে প্রশাসনের পক্ষ থেকে প্রয়োজনীয় ব্যবস্থা নেওয়া হয়েছে এবং স্থানীয় জনসাধারণের মধ্যে বিষয়টি নিয়ে ব্যাপক আলোচনা চলছে। সংশ্লিষ্ট কর্মকর্তারা জানান, দ্রুততম সময়ের মধ্যে কাজ শেষ করার লক্ষ্যে নিয়মিত তদারকি অব্যাহত রয়েছে।

কর্মীদের মূল্যায়ন না করলে দলীয় মনোনয়ন পাবেন না : কাদের
আদালত প্রতিবেদক

সংশ্লিষ্ট সূত্র জানায়, এ বিষয়ে প্রশাসনের পক্ষ থেকে প্রয়োজনীয় ব্যবস্থা নেওয়া হয়েছে এবং স্থানীয় জনসাধারণের মধ্যে বিষয়টি নিয়ে ব্যাপক আলোচনা চলছে। সংশ্লিষ্ট কর্মকর্তারা জানান, দ্রুততম সময়ের মধ্যে কাজ শেষ করার লক্ষ্যে নিয়মিত তদারকি অব্যাহত রয়েছে। সংশ্লিষ্ট সূত্র জানায়, এ বিষয়ে প্রশাসনের পক্ষ থেকে প্রয়োজনীয় ব্যবস্থা নেওয়া হয়েছে এবং স্থানীয় জনসাধারণের মধ্যে বিষয়টি নিয়ে ব্যাপক আলোচনা চলছে। সংশ্লিষ্ট কর্মকর্তারা জানান, দ্রুততম সময়ের মধ্যে কাজ শেষ করার লক্ষ্যে নিয়মিত তদারকি অব্যাহত রয়েছে। সংশ্লিষ্ট সূত্র জানায়, এ বিষয়ে প্রশাসনের পক্ষ থেকে প্রয়োজনীয় ব্যবস্থা নেওয়া হয়েছে এবং স্থানীয় জনসাধারণের মধ্যে বিষয়টি নিয়ে ব্যাপক আলোচনা চলছে। সংশ্লিষ্ট কর্মকর্তারা জানান, দ্রুততম সময়ের মধ্যে কাজ শেষ করার লক্ষ্যে নিয়মিত তদারকি অব্যাহত রয়েছে। সংশ্লিষ্ট সূত্র জানায়, এ বিষয়ে প্রশাসনের পক্ষ থেকে প্রয়োজনীয় ব্যবস্থা নেওয়া হয়েছে এবং স্থানীয় জনসাধারণের মধ্যে বিষয়টি নিয়ে ব্যাপক আলোচনা চলছে। সংশ্লিষ্ট কর্মকর্তারা জানান, দ্রুততম সময়ের মধ্যে কাজ শেষ করার লক্ষ্যে নিয়মিত তদারকি অব্যাহত রয়েছে। সংশ্লিষ্ট সূত্র জানায়, এ বিষয়ে প্রশাসনের পক্ষ থেকে প্রয়োজনীয় ব্যবস্থা নেওয়া হয়েছে এবং স্থানীয় জনসাধারণের মধ্যে বিষয়টি নিয়ে ব্যাপক আলোচনা চলছে। সংশ্লিষ্ট কর্মকর্তারা জানান, দ্রুততম সময়ের মধ্যে কাজ শেষ করার লক্ষ্যে নিয়মিত তদারকি অব্যাহত রয়েছে। সংশ্লিষ্ট সূত্র জানায়, এ বিষয়ে প্রশাসনের পক্ষ থেকে প্রয়োজনীয় ব্যবস্থা নেওয়া হয়েছে এবং স্থানীয় জনসাধারণের মধ্যে বিষয়টি নিয়ে ব্যাপক আলোচনা চলছে। সংশ্লিষ্ট কর্মকর্তারা জানান, দ্রুততম সময়ের মধ্যে কাজ শেষ করার লক্ষ্যে নিয়মিত তদারকি অব্যাহত রয়েছে।

রাজধানীতে ছিনতাইয়ের

নিজস্ব প্রতিবেদক — সংশ্লিষ্ট সূত্র জানায়, এ বিষয়ে প্রশাসনের পক্ষ থেকে প্রয়োজনীয় ব্যবস্থা নেওয়া হয়েছে এবং স্থানীয় জনসাধারণের মধ্যে বিষয়টি নিয়ে ব্যাপক আলোচনা চলছে। সংশ্লিষ্ট কর্মকর্তারা জানান, দ্রুততম সময়ের মধ্যে কাজ শেষ করার লক্ষ্যে নিয়মিত তদারকি অব্যাহত রয়েছে। সংশ্লিষ্ট সূত্র জানায়, এ বিষয়ে প্রশাসনের পক্ষ থেকে প্রয়োজনীয় ব্যবস্থা নেওয়া হয়েছে এবং স্থানীয় জনসাধারণের মধ্যে বিষয়টি নিয়ে ব্যাপক আলোচনা চলছে। সংশ্লিষ্ট কর্মকর্তারা জানান, দ্রুততম সময়ের মধ্যে কাজ শেষ করার লক্ষ্যে নিয়মিত তদারকি অব্যাহত রয়েছে। সংশ্লিষ্ট সূত্র জানায়, এ বিষয়ে প্রশাসনের পক্ষ থেকে প্রয়োজনীয় ব্যবস্থা নেওয়া হয়েছে এবং স্থানীয় জনসাধারণের মধ্যে বিষয়টি নিয়ে ব্যাপক আলোচনা চলছে। সংশ্লিষ্ট কর্মকর্তারা জানান, দ্রুততম সময়ের মধ্যে কাজ শেষ করার লক্ষ্যে নিয়মিত তদারকি অব্যাহত রয়েছে। সংশ্লিষ্ট সূত্র জানায়, এ বিষয়ে প্রশাসনের পক্ষ থেকে প্রয়োজনীয় ব্যবস্থা নেওয়া হয়েছে এবং স্থানীয় জনসাধারণের মধ্যে বিষয়টি নিয়ে ব্যাপক আলোচনা চলছে। সংশ্লিষ্ট কর্মকর্তারা জানান, দ্রুততম সময়ের মধ্যে কাজ শেষ করার লক্ষ্যে নিয়মিত তদারকি অব্যাহত রয়েছে। সংশ্লিষ্ট সূত্র জানায়, এ বিষয়ে প্রশাসনের পক্ষ থেকে প্রয়োজনীয় ব্যবস্থা নেওয়া হয়েছে এবং স্থানীয় জনসাধারণের মধ্যে বিষয়টি নিয়ে ব্যাপক আলোচনা চলছে। সংশ্লিষ্ট কর্মকর্তারা জানান, দ্রুততম সময়ের মধ্যে কাজ শেষ করার লক্ষ্যে নিয়মিত তদারকি অব্যাহত রয়েছে।

কুষ্টিয়ায় সংঘর্ষ

নিজস্ব প্রতিবেদক — সংশ্লিষ্ট সূত্র জানায়, এ বিষয়ে প্রশাসনের পক্ষ থেকে প্রয়োজনীয় ব্যবস্থা নেওয়া হয়েছে এবং স্থানীয় জনসাধারণের মধ্যে বিষয়টি নিয়ে ব্যাপক আলোচনা চলছে। সংশ্লিষ্ট কর্মকর্তারা জানান, দ্রুততম সময়ের মধ্যে কাজ শেষ করার লক্ষ্যে নিয়মিত তদারকি অব্যাহত রয়েছে। সংশ্লিষ্ট সূত্র জানায়, এ বিষয়ে প্রশাসনের পক্ষ থেকে প্রয়োজনীয় ব্যবস্থা নেওয়া হয়েছে এবং স্থানীয় জনসাধারণের মধ্যে বিষয়টি নিয়ে ব্যাপক আলোচনা চলছে। সংশ্লিষ্ট কর্মকর্তারা জানান, দ্রুততম সময়ের মধ্যে কাজ শেষ করার লক্ষ্যে নিয়মিত তদারকি অব্যাহত রয়েছে।

একাধিকের মৃত্যু

নিজস্ব প্রতিবেদক — সংশ্লিষ্ট সূত্র জানায়, এ বিষয়ে প্রশাসনের পক্ষ থেকে প্রয়োজনীয় ব্যবস্থা নেওয়া হয়েছে এবং স্থানীয় জনসাধারণের মধ্যে বিষয়টি নিয়ে ব্যাপক আলোচনা চলছে। সংশ্লিষ্ট কর্মকর্তারা জানান, দ্রুততম সময়ের মধ্যে কাজ শেষ করার লক্ষ্যে নিয়মিত তদারকি অব্যাহত রয়েছে। সংশ্লিষ্ট সূত্র জানায়, এ বিষয়ে প্রশাসনের পক্ষ থেকে প্রয়োজনীয় ব্যবস্থা নেওয়া হয়েছে এবং স্থানীয় জনসাধারণের মধ্যে বিষয়টি নিয়ে ব্যাপক আলোচনা চলছে। সংশ্লিষ্ট কর্মকর্তারা জানান, দ্রুততম সময়ের মধ্যে কাজ শেষ করার লক্ষ্যে নিয়মিত তদারকি অব্যাহত রয়েছে।

কাজ থেকে

নিজস্ব প্রতিবেদক — সংশ্লিষ্ট সূত্র জানায়, এ বিষয়ে প্রশাসনের পক্ষ থেকে প্রয়োজনীয় ব্যবস্থা নেওয়া হয়েছে এবং স্থানীয় জনসাধারণের মধ্যে বিষয়টি নিয়ে ব্যাপক আলোচনা চলছে। সংশ্লিষ্ট কর্মকর্তারা জানান, দ্রুততম সময়ের মধ্যে কাজ শেষ করার লক্ষ্যে নিয়মিত তদারকি অব্যাহত রয়েছে। সংশ্লিষ্ট সূত্র জানায়, এ বিষয়ে প্রশাসনের পক্ষ থেকে প্রয়োজনীয় ব্যবস্থা নেওয়া হয়েছে এবং স্থানীয় জনসাধারণের মধ্যে বিষয়টি নিয়ে ব্যাপক আলোচনা চলছে। সংশ্লিষ্ট কর্মকর্তারা জানান, দ্রুততম সময়ের মধ্যে কাজ শেষ করার লক্ষ্যে নিয়মিত তদারকি অব্যাহত রয়েছে।

ট্রেনে কাটা পড়ে

নিজস্ব প্রতিবেদক — সংশ্লিষ্ট সূত্র জানায়, এ বিষয়ে প্রশাসনের পক্ষ থেকে প্রয়োজনীয় ব্যবস্থা নেওয়া হয়েছে এবং স্থানীয় জনসাধারণের মধ্যে বিষয়টি নিয়ে ব্যাপক আলোচনা চলছে। সংশ্লিষ্ট কর্মকর্তারা জানান, দ্রুততম সময়ের মধ্যে কাজ শেষ করার লক্ষ্যে নিয়মিত তদারকি অব্যাহত রয়েছে। সংশ্লিষ্ট সূত্র জানায়, এ বিষয়ে প্রশাসনের পক্ষ থেকে প্রয়োজনীয় ব্যবস্থা নেওয়া হয়েছে এবং স্থানীয় জনসাধারণের মধ্যে বিষয়টি নিয়ে ব্যাপক আলোচনা চলছে। সংশ্লিষ্ট কর্মকর্তারা জানান, দ্রুততম সময়ের মধ্যে কাজ শেষ করার লক্ষ্যে নিয়মিত তদারকি অব্যাহত রয়েছে।

আগুন জ্বলিয়ে

নিজস্ব প্রতিবেদক — সংশ্লিষ্ট সূত্র জানায়, এ বিষয়ে প্রশাসনের পক্ষ থেকে প্রয়োজনীয় ব্যবস্থা নেওয়া হয়েছে এবং স্থানীয় জনসাধারণের মধ্যে বিষয়টি নিয়ে ব্যাপক আলোচনা চলছে। সংশ্লিষ্ট কর্মকর্তারা জানান, দ্রুততম সময়ের মধ্যে কাজ শেষ করার লক্ষ্যে নিয়মিত তদারকি অব্যাহত রয়েছে। সংশ্লিষ্ট সূত্র জানায়, এ বিষয়ে প্রশাসনের পক্ষ থেকে প্রয়োজনীয় ব্যবস্থা নেওয়া হয়েছে এবং স্থানীয় জনসাধারণের মধ্যে বিষয়টি নিয়ে ব্যাপক আলোচনা চলছে। সংশ্লিষ্ট কর্মকর্তারা জানান, দ্রুততম সময়ের মধ্যে কাজ শেষ করার লক্ষ্যে নিয়মিত তদারকি অব্যাহত রয়েছে। সংশ্লিষ্ট সূত্র জানায়, এ বিষয়ে প্রশাসনের পক্ষ থেকে প্রয়োজনীয় ব্যবস্থা নেওয়া হয়েছে এবং স্থানীয় জনসাধারণের মধ্যে বিষয়টি নিয়ে ব্যাপক আলোচনা চলছে। সংশ্লিষ্ট কর্মকর্তারা জানান, দ্রুততম সময়ের মধ্যে কাজ শেষ করার লক্ষ্যে নিয়মিত তদারকি অব্যাহত রয়েছে।
